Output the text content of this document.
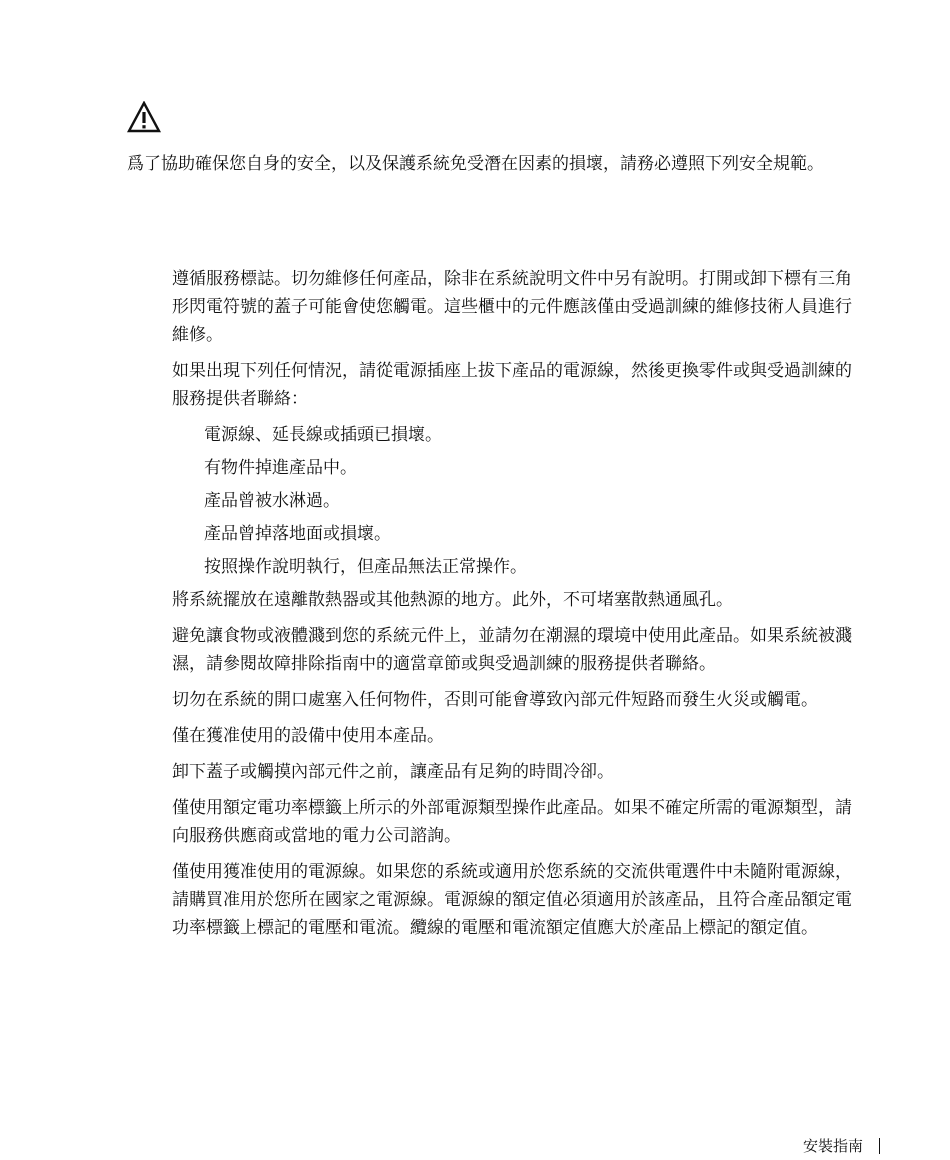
爲了協助確保您自身的安全，以及保護系統免受潛在因素的損壞，請務必遵照下列安全規範。

遵循服務標誌。切勿維修任何產品，除非在系統說明文件中另有說明。打開或卸下標有三角形閃電符號的蓋子可能會使您觸電。這些櫃中的元件應該僅由受過訓練的維修技術人員進行維修。

如果出現下列任何情況，請從電源插座上拔下產品的電源線，然後更換零件或與受過訓練的服務提供者聯絡：

電源線、延長線或插頭已損壞。
有物件掉進產品中。
產品曾被水淋過。
產品曾掉落地面或損壞。
按照操作說明執行，但產品無法正常操作。

將系統擺放在遠離散熱器或其他熱源的地方。此外，不可堵塞散熱通風孔。

避免讓食物或液體濺到您的系統元件上，並請勿在潮濕的環境中使用此產品。如果系統被濺濕，請參閱故障排除指南中的適當章節或與受過訓練的服務提供者聯絡。

切勿在系統的開口處塞入任何物件，否則可能會導致內部元件短路而發生火災或觸電。

僅在獲准使用的設備中使用本產品。

卸下蓋子或觸摸內部元件之前，讓產品有足夠的時間冷卻。

僅使用額定電功率標籤上所示的外部電源類型操作此產品。如果不確定所需的電源類型，請向服務供應商或當地的電力公司諮詢。

僅使用獲准使用的電源線。如果您的系統或適用於您系統的交流供電選件中未隨附電源線，請購買准用於您所在國家之電源線。電源線的額定值必須適用於該產品，且符合產品額定電功率標籤上標記的電壓和電流。纜線的電壓和電流額定值應大於產品上標記的額定值。

安裝指南
